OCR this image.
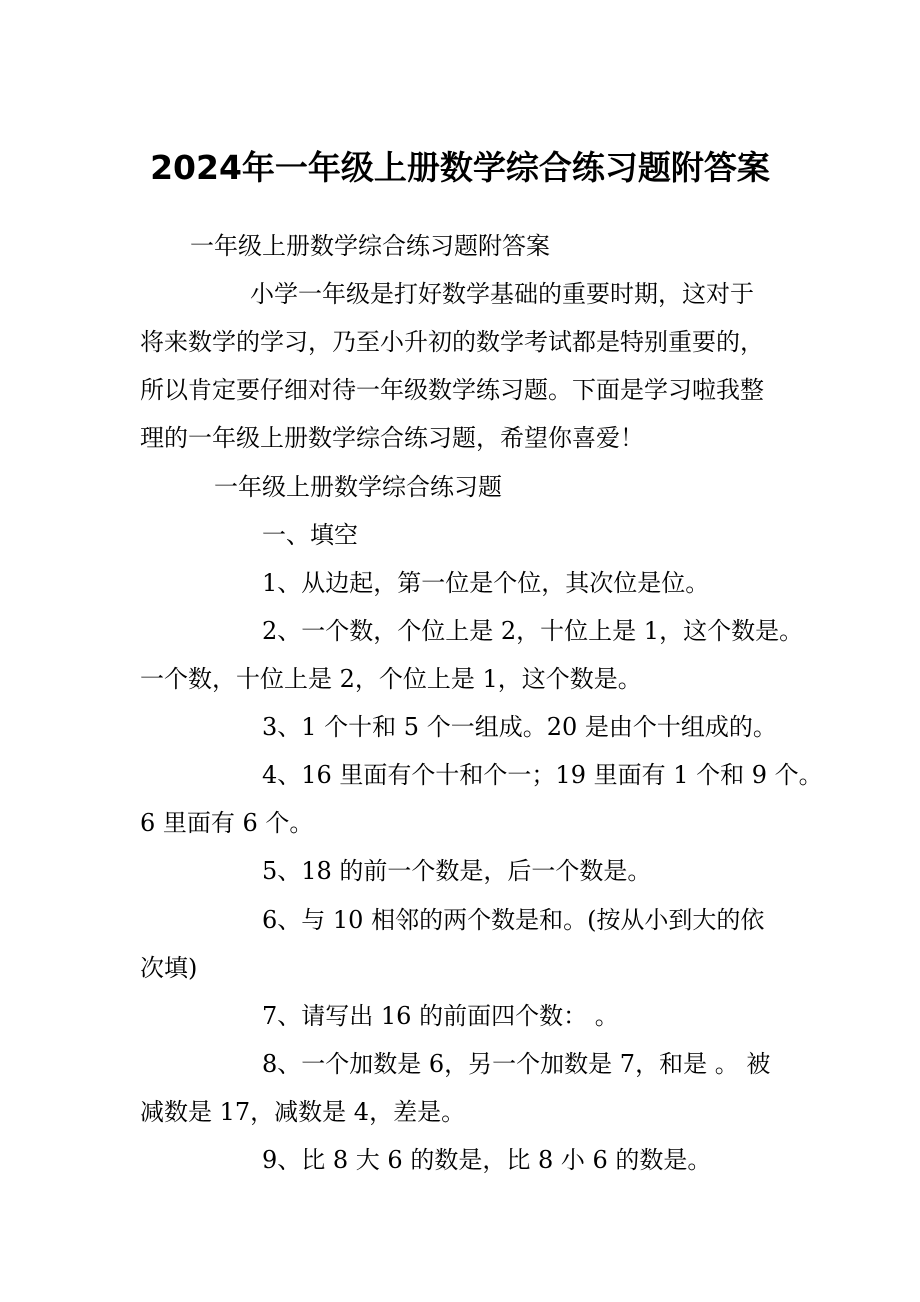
2024年一年级上册数学综合练习题附答案

一年级上册数学综合练习题附答案

小学一年级是打好数学基础的重要时期，这对于

将来数学的学习，乃至小升初的数学考试都是特别重要的，

所以肯定要仔细对待一年级数学练习题。下面是学习啦我整

理的一年级上册数学综合练习题，希望你喜爱！

一年级上册数学综合练习题

一、填空

1、从边起，第一位是个位，其次位是位。

2、一个数，个位上是 2，十位上是 1，这个数是。

一个数，十位上是 2，个位上是 1，这个数是。

3、1 个十和 5 个一组成。20 是由个十组成的。

4、16 里面有个十和个一；19 里面有 1 个和 9 个。

6 里面有 6 个。

5、18 的前一个数是，后一个数是。

6、与 10 相邻的两个数是和。(按从小到大的依

次填)

7、请写出 16 的前面四个数： 。

8、一个加数是 6，另一个加数是 7，和是 。 被

减数是 17，减数是 4，差是。

9、比 8 大 6 的数是，比 8 小 6 的数是。
